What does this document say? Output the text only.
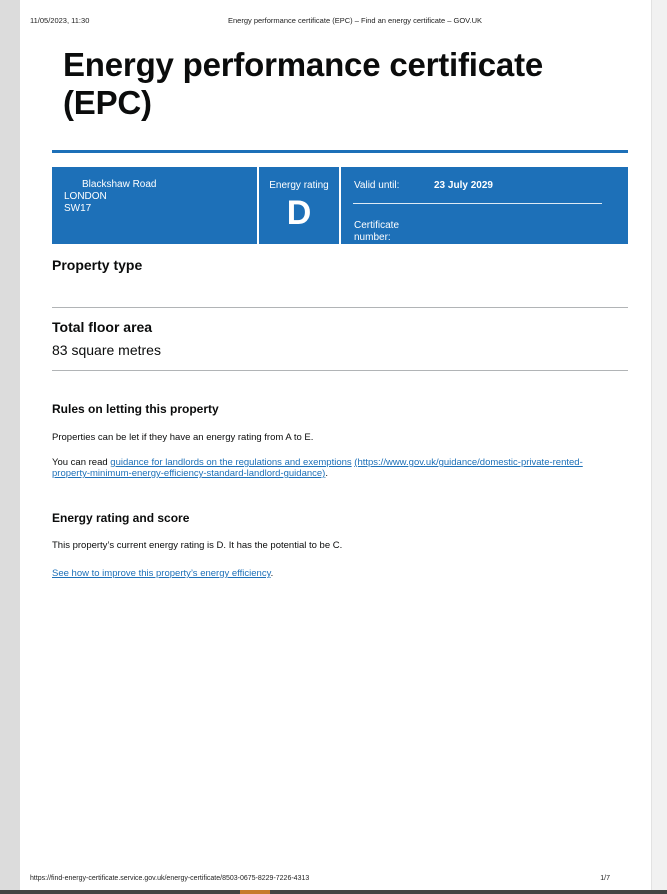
11/05/2023, 11:30	Energy performance certificate (EPC) – Find an energy certificate – GOV.UK
Energy performance certificate
(EPC)
Blackshaw Road
LONDON
SW17
Energy rating
D
Valid until:	23 July 2029
Certificate number:
Property type
Total floor area
83 square metres
Rules on letting this property
Properties can be let if they have an energy rating from A to E.
You can read guidance for landlords on the regulations and exemptions (https://www.gov.uk/guidance/domestic-private-rented-property-minimum-energy-efficiency-standard-landlord-guidance).
Energy rating and score
This property’s current energy rating is D. It has the potential to be C.
See how to improve this property’s energy efficiency.
https://find-energy-certificate.service.gov.uk/energy-certificate/8503-0675-8229-7226-4313	1/7
